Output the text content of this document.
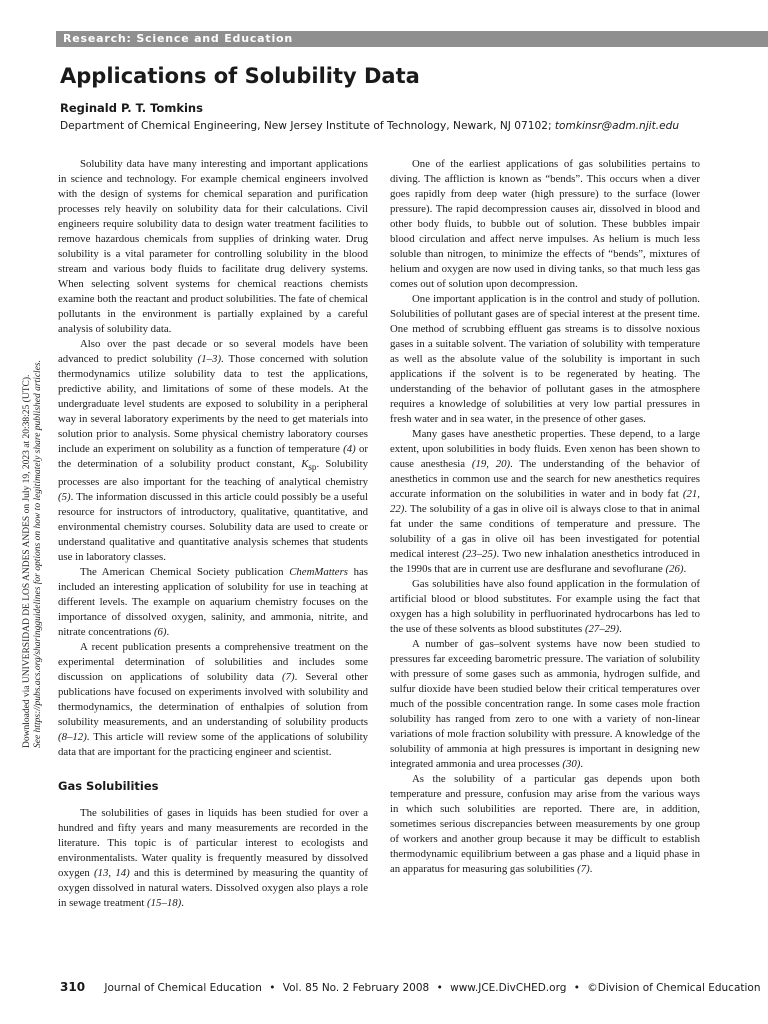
Research: Science and Education
Applications of Solubility Data
Reginald P. T. Tomkins
Department of Chemical Engineering, New Jersey Institute of Technology, Newark, NJ 07102; tomkinsr@adm.njit.edu
Downloaded via UNIVERSIDAD DE LOS ANDES ANDES on July 19, 2023 at 20:38:25 (UTC). See https://pubs.acs.org/sharingguidelines for options on how to legitimately share published articles.

Solubility data have many interesting and important applications in science and technology. For example chemical engineers involved with the design of systems for chemical separation and purification processes rely heavily on solubility data for their calculations. Civil engineers require solubility data to design water treatment facilities to remove hazardous chemicals from supplies of drinking water. Drug solubility is a vital parameter for controlling solubility in the blood stream and various body fluids to facilitate drug delivery systems. When selecting solvent systems for chemical reactions chemists examine both the reactant and product solubilities. The fate of chemical pollutants in the environment is partially explained by a careful analysis of solubility data.

Also over the past decade or so several models have been advanced to predict solubility (1–3). Those concerned with solution thermodynamics utilize solubility data to test the applications, predictive ability, and limitations of some of these models. At the undergraduate level students are exposed to solubility in a peripheral way in several laboratory experiments by the need to get materials into solution prior to analysis. Some physical chemistry laboratory courses include an experiment on solubility as a function of temperature (4) or the determination of a solubility product constant, $K_{sp}$. Solubility processes are also important for the teaching of analytical chemistry (5). The information discussed in this article could possibly be a useful resource for instructors of introductory, qualitative, quantitative, and environmental chemistry courses. Solubility data are used to create or understand qualitative and quantitative analysis schemes that students use in laboratory classes.

The American Chemical Society publication ChemMatters has included an interesting application of solubility for use in teaching at different levels. The example on aquarium chemistry focuses on the importance of dissolved oxygen, salinity, and ammonia, nitrite, and nitrate concentrations (6).

A recent publication presents a comprehensive treatment on the experimental determination of solubilities and includes some discussion on applications of solubility data (7). Several other publications have focused on experiments involved with solubility and thermodynamics, the determination of enthalpies of solution from solubility measurements, and an understanding of solubility products (8–12). This article will review some of the applications of solubility data that are important for the practicing engineer and scientist.

Gas Solubilities

The solubilities of gases in liquids has been studied for over a hundred and fifty years and many measurements are recorded in the literature. This topic is of particular interest to ecologists and environmentalists. Water quality is frequently measured by dissolved oxygen (13, 14) and this is determined by measuring the quantity of oxygen dissolved in natural waters. Dissolved oxygen also plays a role in sewage treatment (15–18).

One of the earliest applications of gas solubilities pertains to diving. The affliction is known as “bends”. This occurs when a diver goes rapidly from deep water (high pressure) to the surface (lower pressure). The rapid decompression causes air, dissolved in blood and other body fluids, to bubble out of solution. These bubbles impair blood circulation and affect nerve impulses. As helium is much less soluble than nitrogen, to minimize the effects of “bends”, mixtures of helium and oxygen are now used in diving tanks, so that much less gas comes out of solution upon decompression.

One important application is in the control and study of pollution. Solubilities of pollutant gases are of special interest at the present time. One method of scrubbing effluent gas streams is to dissolve noxious gases in a suitable solvent. The variation of solubility with temperature as well as the absolute value of the solubility is important in such applications if the solvent is to be regenerated by heating. The understanding of the behavior of pollutant gases in the atmosphere requires a knowledge of solubilities at very low partial pressures in fresh water and in sea water, in the presence of other gases.

Many gases have anesthetic properties. These depend, to a large extent, upon solubilities in body fluids. Even xenon has been shown to cause anesthesia (19, 20). The understanding of the behavior of anesthetics in common use and the search for new anesthetics requires accurate information on the solubilities in water and in body fat (21, 22). The solubility of a gas in olive oil is always close to that in animal fat under the same conditions of temperature and pressure. The solubility of a gas in olive oil has been investigated for potential medical interest (23–25). Two new inhalation anesthetics introduced in the 1990s that are in current use are desflurane and sevoflurane (26).

Gas solubilities have also found application in the formulation of artificial blood or blood substitutes. For example using the fact that oxygen has a high solubility in perfluorinated hydrocarbons has led to the use of these solvents as blood substitutes (27–29).

A number of gas–solvent systems have now been studied to pressures far exceeding barometric pressure. The variation of solubility with pressure of some gases such as ammonia, hydrogen sulfide, and sulfur dioxide have been studied below their critical temperatures over much of the possible concentration range. In some cases mole fraction solubility has ranged from zero to one with a variety of non-linear variations of mole fraction solubility with pressure. A knowledge of the solubility of ammonia at high pressures is important in designing new integrated ammonia and urea processes (30).

As the solubility of a particular gas depends upon both temperature and pressure, confusion may arise from the various ways in which such solubilities are reported. There are, in addition, sometimes serious discrepancies between measurements by one group of workers and another group because it may be difficult to establish thermodynamic equilibrium between a gas phase and a liquid phase in an apparatus for measuring gas solubilities (7).

310 Journal of Chemical Education • Vol. 85 No. 2 February 2008 • www.JCE.DivCHED.org • ©Division of Chemical Education
